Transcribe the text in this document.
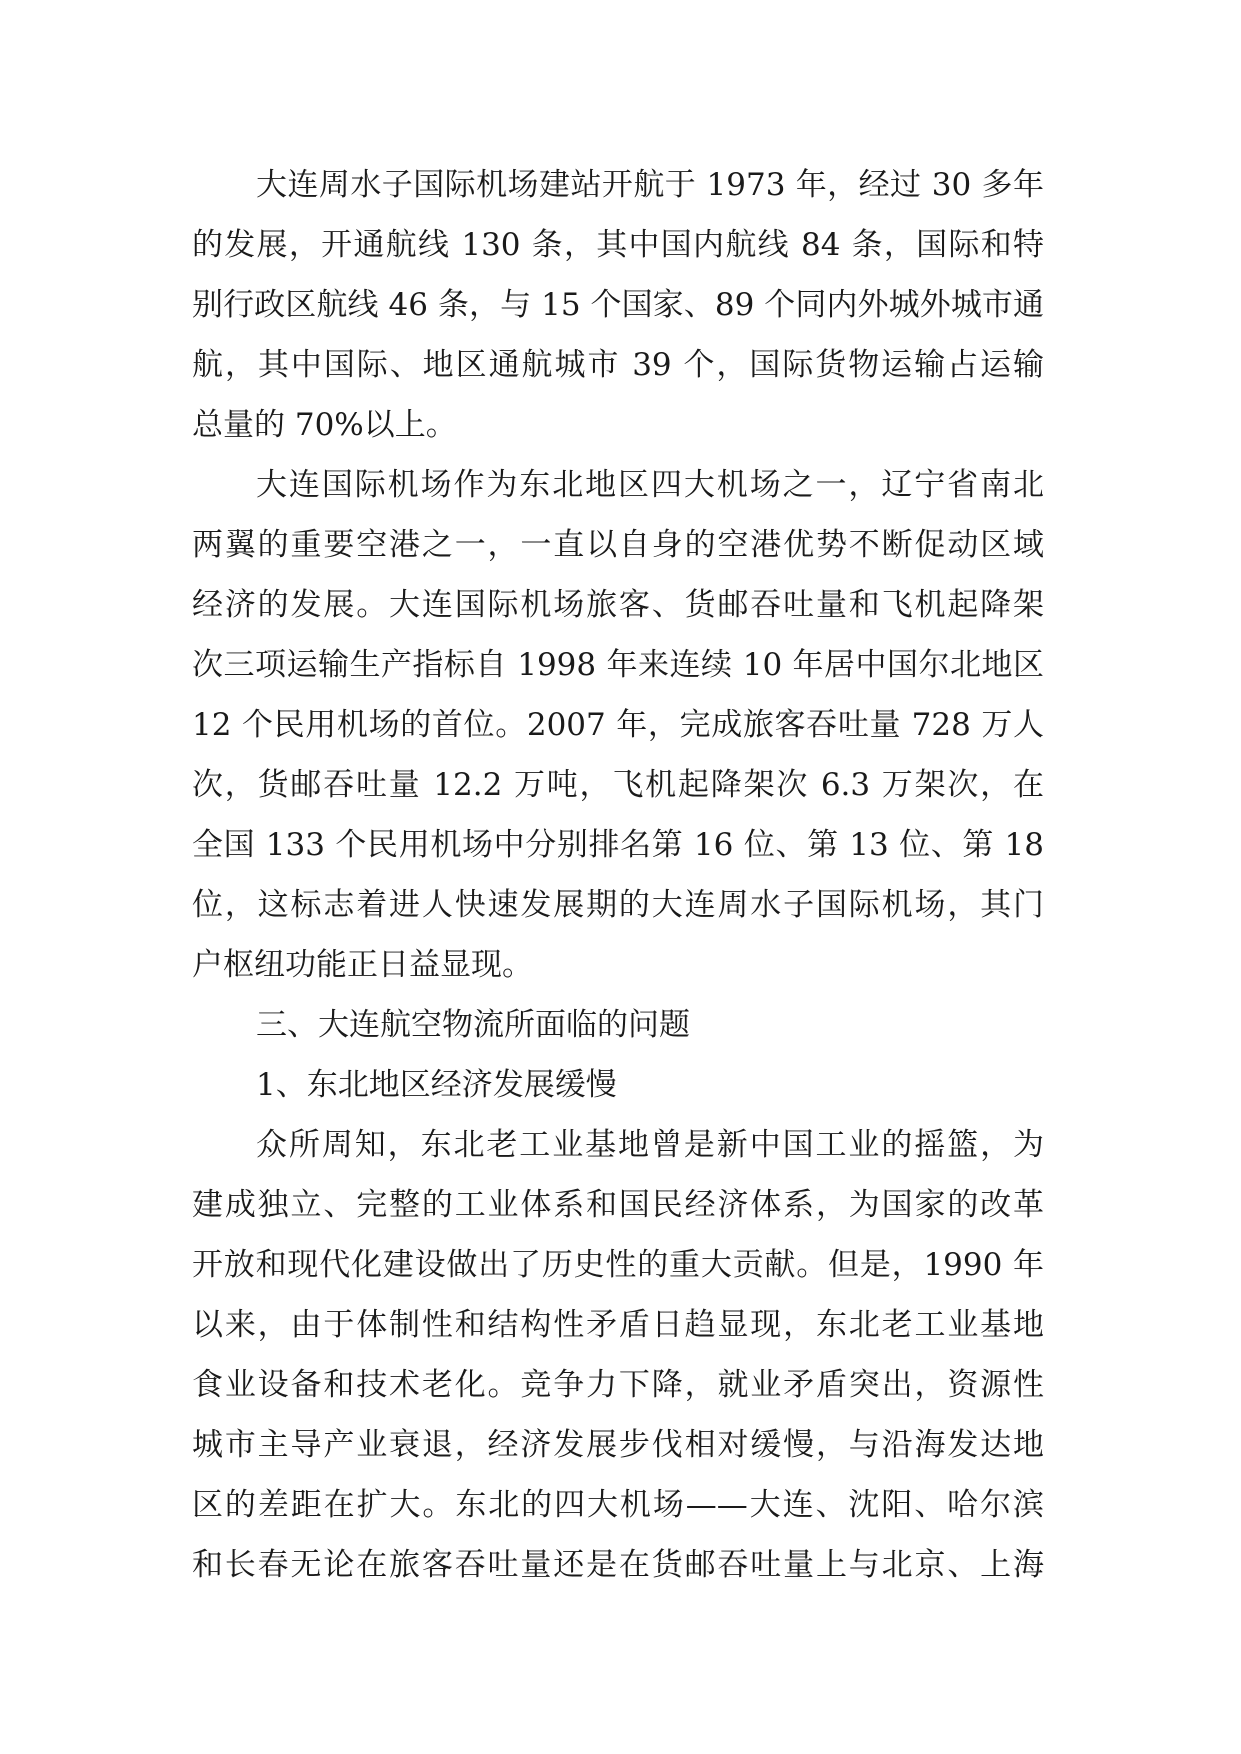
大连周水子国际机场建站开航于 1973 年，经过 30 多年
的发展，开通航线 130 条，其中国内航线 84 条，国际和特
别行政区航线 46 条，与 15 个国家、89 个同内外城外城市通
航，其中国际、地区通航城市 39 个，国际货物运输占运输
总量的 70%以上。
大连国际机场作为东北地区四大机场之一，辽宁省南北
两翼的重要空港之一，一直以自身的空港优势不断促动区域
经济的发展。大连国际机场旅客、货邮吞吐量和飞机起降架
次三项运输生产指标自 1998 年来连续 10 年居中国尔北地区
12 个民用机场的首位。2007 年，完成旅客吞吐量 728 万人
次，货邮吞吐量 12.2 万吨，飞机起降架次 6.3 万架次，在
全国 133 个民用机场中分别排名第 16 位、第 13 位、第 18
位，这标志着进人快速发展期的大连周水子国际机场，其门
户枢纽功能正日益显现。
三、大连航空物流所面临的问题
1、东北地区经济发展缓慢
众所周知，东北老工业基地曾是新中国工业的摇篮，为
建成独立、完整的工业体系和国民经济体系，为国家的改革
开放和现代化建设做出了历史性的重大贡献。但是，1990 年
以来，由于体制性和结构性矛盾日趋显现，东北老工业基地
食业设备和技术老化。竞争力下降，就业矛盾突出，资源性
城市主导产业衰退，经济发展步伐相对缓慢，与沿海发达地
区的差距在扩大。东北的四大机场——大连、沈阳、哈尔滨
和长春无论在旅客吞吐量还是在货邮吞吐量上与北京、上海
